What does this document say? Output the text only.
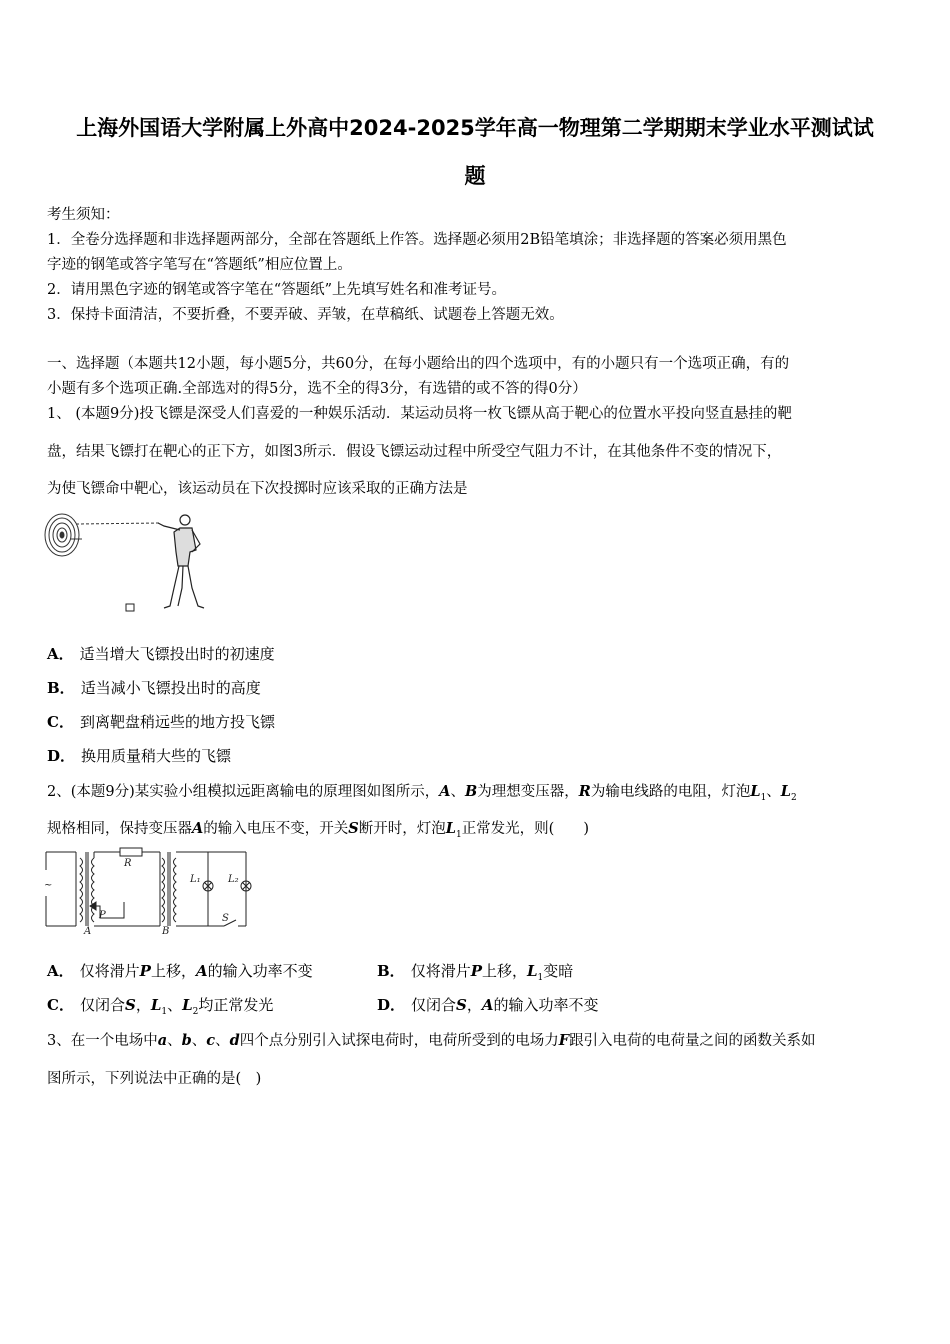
上海外国语大学附属上外高中2024-2025学年高一物理第二学期期末学业水平测试试
题
考生须知：
1．全卷分选择题和非选择题两部分，全部在答题纸上作答。选择题必须用2B铅笔填涂；非选择题的答案必须用黑色
字迹的钢笔或答字笔写在“答题纸”相应位置上。
2．请用黑色字迹的钢笔或答字笔在“答题纸”上先填写姓名和准考证号。
3．保持卡面清洁，不要折叠，不要弄破、弄皱，在草稿纸、试题卷上答题无效。
一、选择题（本题共12小题，每小题5分，共60分，在每小题给出的四个选项中，有的小题只有一个选项正确，有的
小题有多个选项正确.全部选对的得5分，选不全的得3分，有选错的或不答的得0分）
1、 (本题9分)投飞镖是深受人们喜爱的一种娱乐活动．某运动员将一枚飞镖从高于靶心的位置水平投向竖直悬挂的靶
盘，结果飞镖打在靶心的正下方，如图3所示．假设飞镖运动过程中所受空气阻力不计，在其他条件不变的情况下，
为使飞镖命中靶心，该运动员在下次投掷时应该采取的正确方法是
A． 适当增大飞镖投出时的初速度
B． 适当减小飞镖投出时的高度
C． 到离靶盘稍远些的地方投飞镖
D． 换用质量稍大些的飞镖
2、(本题9分)某实验小组模拟远距离输电的原理图如图所示，A、B为理想变压器，R为输电线路的电阻，灯泡$L_1$、$L_2$
规格相同，保持变压器A的输入电压不变，开关S断开时，灯泡$L_1$正常发光，则(　　)
~
R
P
A	B
L₁	L₂
S
A． 仅将滑片P上移，A的输入功率不变	B． 仅将滑片P上移，$L_1$变暗
C． 仅闭合S，$L_1$、$L_2$均正常发光	D． 仅闭合S，A的输入功率不变
3、在一个电场中a、b、c、d四个点分别引入试探电荷时，电荷所受到的电场力F跟引入电荷的电荷量之间的函数关系如
图所示，下列说法中正确的是(　)
